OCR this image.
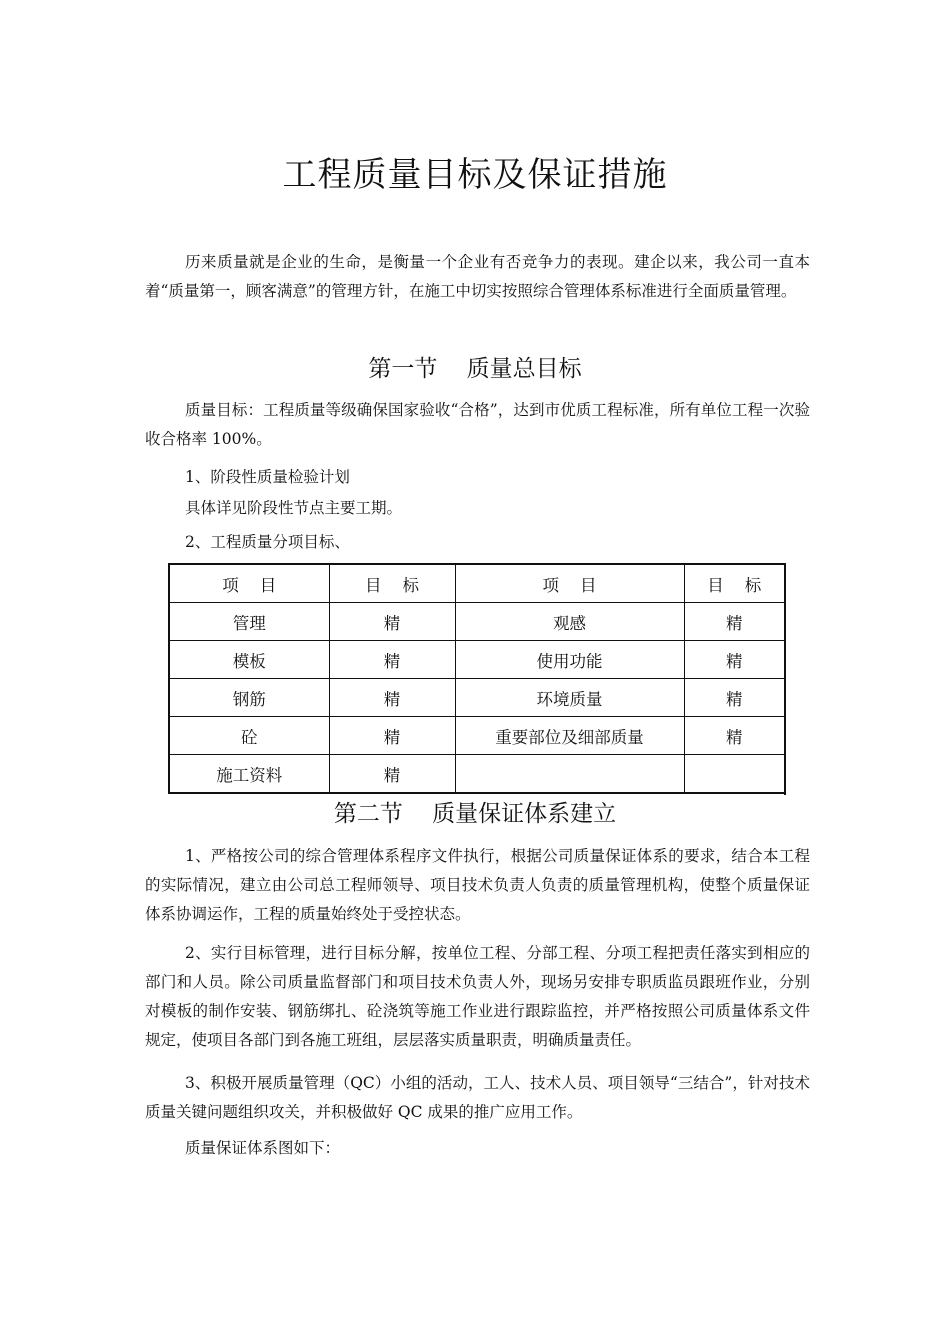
工程质量目标及保证措施

历来质量就是企业的生命，是衡量一个企业有否竞争力的表现。建企以来，我公司一直本着“质量第一，顾客满意”的管理方针，在施工中切实按照综合管理体系标准进行全面质量管理。

第一节    质量总目标

质量目标：工程质量等级确保国家验收“合格”，达到市优质工程标准，所有单位工程一次验收合格率 100%。

1、阶段性质量检验计划

具体详见阶段性节点主要工期。

2、工程质量分项目标、

项    目	目    标	项    目	目    标
管理	精	观感	精
模板	精	使用功能	精
钢筋	精	环境质量	精
砼	精	重要部位及细部质量	精
施工资料	精		
第二节    质量保证体系建立

1、严格按公司的综合管理体系程序文件执行，根据公司质量保证体系的要求，结合本工程的实际情况，建立由公司总工程师领导、项目技术负责人负责的质量管理机构，使整个质量保证体系协调运作，工程的质量始终处于受控状态。

2、实行目标管理，进行目标分解，按单位工程、分部工程、分项工程把责任落实到相应的部门和人员。除公司质量监督部门和项目技术负责人外，现场另安排专职质监员跟班作业，分别对模板的制作安装、钢筋绑扎、砼浇筑等施工作业进行跟踪监控，并严格按照公司质量体系文件规定，使项目各部门到各施工班组，层层落实质量职责，明确质量责任。

3、积极开展质量管理（QC）小组的活动，工人、技术人员、项目领导“三结合”，针对技术质量关键问题组织攻关，并积极做好 QC 成果的推广应用工作。

质量保证体系图如下：
